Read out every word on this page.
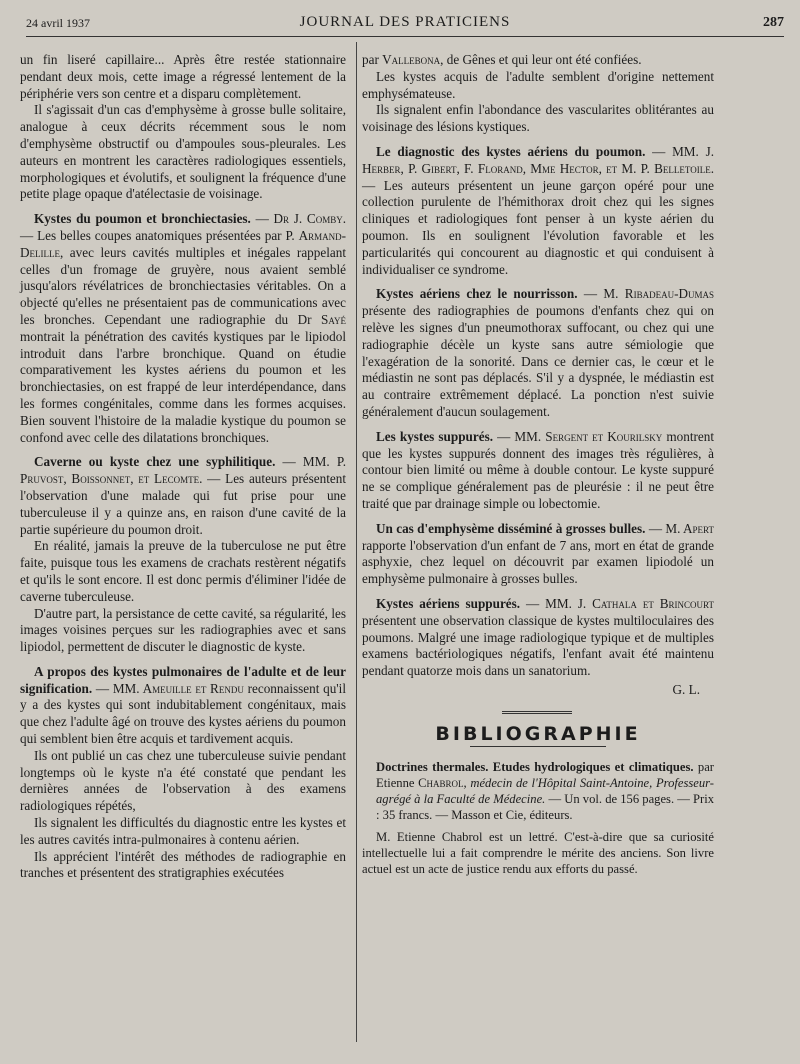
24 avril 1937	JOURNAL DES PRATICIENS	287

un fin liseré capillaire... Après être restée stationnaire pendant deux mois, cette image a régressé lentement de la périphérie vers son centre et a disparu complètement.

Il s'agissait d'un cas d'emphysème à grosse bulle solitaire, analogue à ceux décrits récemment sous le nom d'emphysème obstructif ou d'ampoules sous-pleurales. Les auteurs en montrent les caractères radiologiques essentiels, morphologiques et évolutifs, et soulignent la fréquence d'une petite plage opaque d'atélectasie de voisinage.

Kystes du poumon et bronchiectasies. — Dr J. Comby. — Les belles coupes anatomiques présentées par P. Armand-Delille, avec leurs cavités multiples et inégales rappelant celles d'un fromage de gruyère, nous avaient semblé jusqu'alors révélatrices de bronchiectasies véritables. On a objecté qu'elles ne présentaient pas de communications avec les bronches. Cependant une radiographie du Dr Sayé montrait la pénétration des cavités kystiques par le lipiodol introduit dans l'arbre bronchique. Quand on étudie comparativement les kystes aériens du poumon et les bronchiectasies, on est frappé de leur interdépendance, dans les formes congénitales, comme dans les formes acquises. Bien souvent l'histoire de la maladie kystique du poumon se confond avec celle des dilatations bronchiques.

Caverne ou kyste chez une syphilitique. — MM. P. Pruvost, Boissonnet, et Lecomte. — Les auteurs présentent l'observation d'une malade qui fut prise pour une tuberculeuse il y a quinze ans, en raison d'une cavité de la partie supérieure du poumon droit.

En réalité, jamais la preuve de la tuberculose ne put être faite, puisque tous les examens de crachats restèrent négatifs et qu'ils le sont encore. Il est donc permis d'éliminer l'idée de caverne tuberculeuse.

D'autre part, la persistance de cette cavité, sa régularité, les images voisines perçues sur les radiographies avec et sans lipiodol, permettent de discuter le diagnostic de kyste.

A propos des kystes pulmonaires de l'adulte et de leur signification. — MM. Ameuille et Rendu reconnaissent qu'il y a des kystes qui sont indubitablement congénitaux, mais que chez l'adulte âgé on trouve des kystes aériens du poumon qui semblent bien être acquis et tardivement acquis.

Ils ont publié un cas chez une tuberculeuse suivie pendant longtemps où le kyste n'a été constaté que pendant les dernières années de l'observation à des examens radiologiques répétés,

Ils signalent les difficultés du diagnostic entre les kystes et les autres cavités intra-pulmonaires à contenu aérien.

Ils apprécient l'intérêt des méthodes de radiographie en tranches et présentent des stratigraphies exécutées

par Vallebona, de Gênes et qui leur ont été confiées.

Les kystes acquis de l'adulte semblent d'origine nettement emphysémateuse.

Ils signalent enfin l'abondance des vascularites oblitérantes au voisinage des lésions kystiques.

Le diagnostic des kystes aériens du poumon. — MM. J. Herber, P. Gibert, F. Florand, Mme Hector, et M. P. Belletoile. — Les auteurs présentent un jeune garçon opéré pour une collection purulente de l'hémithorax droit chez qui les signes cliniques et radiologiques font penser à un kyste aérien du poumon. Ils en soulignent l'évolution favorable et les particularités qui concourent au diagnostic et qui conduisent à individualiser ce syndrome.

Kystes aériens chez le nourrisson. — M. Ribadeau-Dumas présente des radiographies de poumons d'enfants chez qui on relève les signes d'un pneumothorax suffocant, ou chez qui une radiographie décèle un kyste sans autre sémiologie que l'exagération de la sonorité. Dans ce dernier cas, le cœur et le médiastin ne sont pas déplacés. S'il y a dyspnée, le médiastin est au contraire extrêmement déplacé. La ponction n'est suivie généralement d'aucun soulagement.

Les kystes suppurés. — MM. Sergent et Kourilsky montrent que les kystes suppurés donnent des images très régulières, à contour bien limité ou même à double contour. Le kyste suppuré ne se complique généralement pas de pleurésie : il ne peut être traité que par drainage simple ou lobectomie.

Un cas d'emphysème disséminé à grosses bulles. — M. Apert rapporte l'observation d'un enfant de 7 ans, mort en état de grande asphyxie, chez lequel on découvrit par examen lipiodolé un emphysème pulmonaire à grosses bulles.

Kystes aériens suppurés. — MM. J. Cathala et Brincourt présentent une observation classique de kystes multiloculaires des poumons. Malgré une image radiologique typique et de multiples examens bactériologiques négatifs, l'enfant avait été maintenu pendant quatorze mois dans un sanatorium.

G. L.
BIBLIOGRAPHIE

Doctrines thermales. Etudes hydrologiques et climatiques. par Etienne Chabrol, médecin de l'Hôpital Saint-Antoine, Professeur-agrégé à la Faculté de Médecine. — Un vol. de 156 pages. — Prix : 35 francs. — Masson et Cie, éditeurs.

M. Etienne Chabrol est un lettré. C'est-à-dire que sa curiosité intellectuelle lui a fait comprendre le mérite des anciens. Son livre actuel est un acte de justice rendu aux efforts du passé.
